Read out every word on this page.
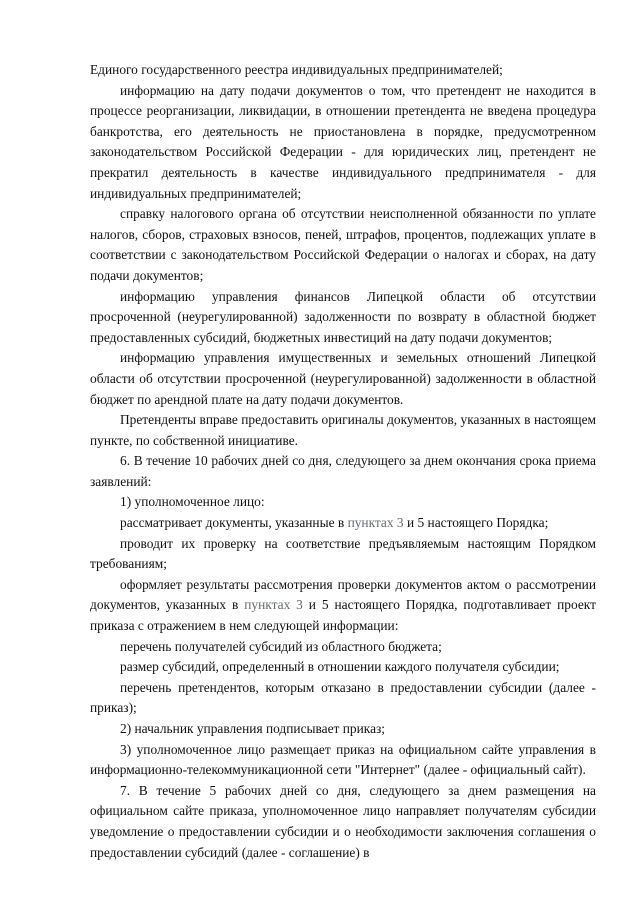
Единого государственного реестра индивидуальных предпринимателей;

информацию на дату подачи документов о том, что претендент не находится в процессе реорганизации, ликвидации, в отношении претендента не введена процедура банкротства, его деятельность не приостановлена в порядке, предусмотренном законодательством Российской Федерации - для юридических лиц, претендент не прекратил деятельность в качестве индивидуального предпринимателя - для индивидуальных предпринимателей;

справку налогового органа об отсутствии неисполненной обязанности по уплате налогов, сборов, страховых взносов, пеней, штрафов, процентов, подлежащих уплате в соответствии с законодательством Российской Федерации о налогах и сборах, на дату подачи документов;

информацию управления финансов Липецкой области об отсутствии просроченной (неурегулированной) задолженности по возврату в областной бюджет предоставленных субсидий, бюджетных инвестиций на дату подачи документов;

информацию управления имущественных и земельных отношений Липецкой области об отсутствии просроченной (неурегулированной) задолженности в областной бюджет по арендной плате на дату подачи документов.

Претенденты вправе предоставить оригиналы документов, указанных в настоящем пункте, по собственной инициативе.

6. В течение 10 рабочих дней со дня, следующего за днем окончания срока приема заявлений:

1) уполномоченное лицо:

рассматривает документы, указанные в пунктах 3 и 5 настоящего Порядка;

проводит их проверку на соответствие предъявляемым настоящим Порядком требованиям;

оформляет результаты рассмотрения проверки документов актом о рассмотрении документов, указанных в пунктах 3 и 5 настоящего Порядка, подготавливает проект приказа с отражением в нем следующей информации:

перечень получателей субсидий из областного бюджета;

размер субсидий, определенный в отношении каждого получателя субсидии;

перечень претендентов, которым отказано в предоставлении субсидии (далее - приказ);

2) начальник управления подписывает приказ;

3) уполномоченное лицо размещает приказ на официальном сайте управления в информационно-телекоммуникационной сети "Интернет" (далее - официальный сайт).

7. В течение 5 рабочих дней со дня, следующего за днем размещения на официальном сайте приказа, уполномоченное лицо направляет получателям субсидии уведомление о предоставлении субсидии и о необходимости заключения соглашения о предоставлении субсидий (далее - соглашение) в
